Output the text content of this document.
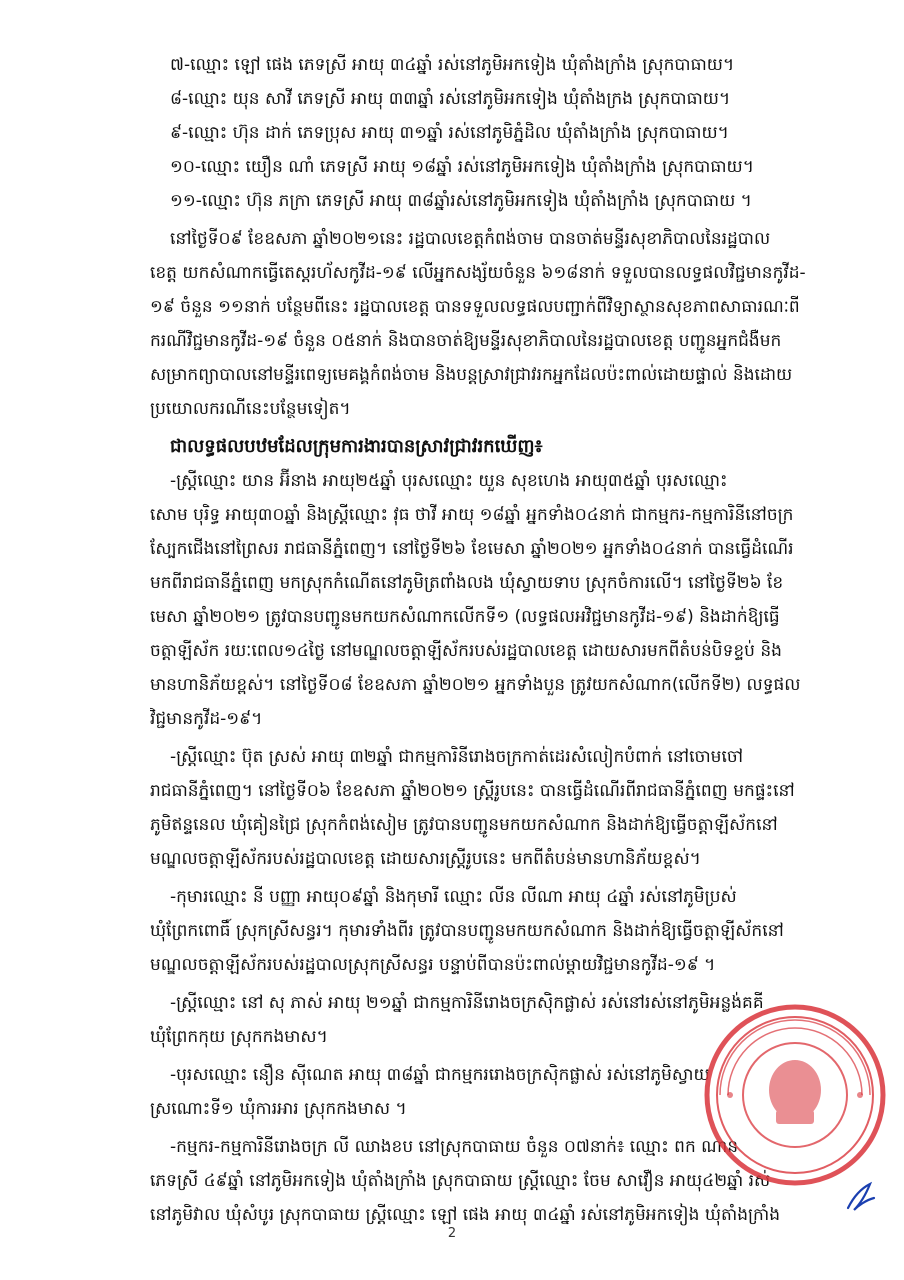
៧-ឈ្មោះ ឡៅ ផេង ភេទស្រី អាយុ ៣៤ឆ្នាំ រស់នៅភូមិអកទៀង ឃុំតាំងក្រាំង ស្រុកបាធាយ។
៨-ឈ្មោះ យុន សាវី ភេទស្រី អាយុ ៣៣ឆ្នាំ រស់នៅភូមិអកទៀង ឃុំតាំងក្រង ស្រុកបាធាយ។
៩-ឈ្មោះ ហ៊ុន ដាក់ ភេទប្រុស អាយុ ៣១ឆ្នាំ រស់នៅភូមិភ្នំដិល ឃុំតាំងក្រាំង ស្រុកបាធាយ។
១០-ឈ្មោះ យឿន ណាំ ភេទស្រី អាយុ ១៨ឆ្នាំ រស់នៅភូមិអកទៀង ឃុំតាំងក្រាំង ស្រុកបាធាយ។
១១-ឈ្មោះ ហ៊ុន ភក្រា ភេទស្រី អាយុ ៣៨ឆ្នាំរស់នៅភូមិអកទៀង ឃុំតាំងក្រាំង ស្រុកបាធាយ ។
នៅថ្ងៃទី០៩ ខែឧសភា ឆ្នាំ២០២១នេះ រដ្ឋបាលខេត្តកំពង់ចាម បានចាត់មន្ទីរសុខាភិបាលនៃរដ្ឋបាល
ខេត្ត យកសំណាកធ្វើតេស្តរហ័សកូវីដ-១៩ លើអ្នកសង្ស័យចំនួន ៦១៨នាក់ ទទួលបានលទ្ធផលវិជ្ជមានកូវីដ-
១៩ ចំនួន ១១នាក់ បន្ថែមពីនេះ រដ្ឋបាលខេត្ត បានទទួលលទ្ធផលបញ្ជាក់ពីវិទ្យាស្ថានសុខភាពសាធារណៈពី
ករណីវិជ្ជមានកូវីដ-១៩ ចំនួន ០៥នាក់ និងបានចាត់ឱ្យមន្ទីរសុខាភិបាលនៃរដ្ឋបាលខេត្ត បញ្ជូនអ្នកជំងឺមក
សម្រាកព្យាបាលនៅមន្ទីរពេទ្យមេគង្គកំពង់ចាម និងបន្តស្រាវជ្រាវរកអ្នកដែលប៉ះពាល់ដោយផ្ទាល់ និងដោយ
ប្រយោលករណីនេះបន្ថែមទៀត។
ជាលទ្ធផលបឋមដែលក្រុមការងារបានស្រាវជ្រាវរកឃើញ៖
-ស្ត្រីឈ្មោះ យាន អ៊ីនាង អាយុ២៥ឆ្នាំ បុរសឈ្មោះ យួន សុខហេង អាយុ៣៥ឆ្នាំ បុរសឈ្មោះ
សោម បុរិទ្ធ អាយុ៣០ឆ្នាំ និងស្ត្រីឈ្មោះ វុធ ថាវី អាយុ ១៨ឆ្នាំ អ្នកទាំង០៤នាក់ ជាកម្មករ-កម្មការិនីនៅចក្រ
ស្បែកជើងនៅព្រៃសរ រាជធានីភ្នំពេញ។ នៅថ្ងៃទី២៦ ខែមេសា ឆ្នាំ២០២១ អ្នកទាំង០៤នាក់ បានធ្វើដំណើរ
មកពីរាជធានីភ្នំពេញ មកស្រុកកំណើតនៅភូមិត្រពាំងលង ឃុំស្វាយទាប ស្រុកចំការលើ។ នៅថ្ងៃទី២៦ ខែ
មេសា ឆ្នាំ២០២១ ត្រូវបានបញ្ជូនមកយកសំណាកលើកទី១ (លទ្ធផលអវិជ្ជមានកូវីដ-១៩) និងដាក់ឱ្យធ្វើ
ចត្តាឡីស័ក រយៈពេល១៤ថ្ងៃ នៅមណ្ឌលចត្តាឡីស័ករបស់រដ្ឋបាលខេត្ត ដោយសារមកពីតំបន់បិទខ្ទប់ និង
មានហានិភ័យខ្ពស់។ នៅថ្ងៃទី០៨ ខែឧសភា ឆ្នាំ២០២១ អ្នកទាំងបួន ត្រូវយកសំណាក(លើកទី២) លទ្ធផល
វិជ្ជមានកូវីដ-១៩។
-ស្ត្រីឈ្មោះ ប៊ុត ស្រស់ អាយុ ៣២ឆ្នាំ ជាកម្មការិនីរោងចក្រកាត់ដេរសំលៀកបំពាក់ នៅចោមចៅ
រាជធានីភ្នំពេញ។ នៅថ្ងៃទី០៦ ខែឧសភា ឆ្នាំ២០២១ ស្ត្រីរូបនេះ បានធ្វើដំណើរពីរាជធានីភ្នំពេញ មកផ្ទះនៅ
ភូមិឥន្ទនេល ឃុំគៀនជ្រៃ ស្រុកកំពង់សៀម ត្រូវបានបញ្ជូនមកយកសំណាក និងដាក់ឱ្យធ្វើចត្តាឡីស័កនៅ
មណ្ឌលចត្តាឡីស័ករបស់រដ្ឋបាលខេត្ត ដោយសារស្ត្រីរូបនេះ មកពីតំបន់មានហានិភ័យខ្ពស់។
-កុមារឈ្មោះ នី បញ្ញា អាយុ០៩ឆ្នាំ និងកុមារី ឈ្មោះ លីន លីណា អាយុ ៤ឆ្នាំ រស់នៅភូមិប្រស់
ឃុំព្រែកពោធិ៍ ស្រុកស្រីសន្ធរ។ កុមារទាំងពីរ ត្រូវបានបញ្ជូនមកយកសំណាក និងដាក់ឱ្យធ្វើចត្តាឡីស័កនៅ
មណ្ឌលចត្តាឡីស័ករបស់រដ្ឋបាលស្រុកស្រីសន្ធរ បន្ទាប់ពីបានប៉ះពាល់ម្តាយវិជ្ជមានកូវីដ-១៩ ។
-ស្ត្រីឈ្មោះ នៅ សុ ភាស់ អាយុ ២១ឆ្នាំ ជាកម្មការិនីរោងចក្រស៊ិកផ្លាស់ រស់នៅរស់នៅភូមិអន្លង់គគី
ឃុំព្រែកកុយ ស្រុកកងមាស។
-បុរសឈ្មោះ នឿន ស៊ីណេត អាយុ ៣៨ឆ្នាំ ជាកម្មកររោងចក្រស៊ិកផ្លាស់ រស់នៅភូមិស្វាយ
ស្រណោះទី១ ឃុំការអារ ស្រុកកងមាស ។
-កម្មករ-កម្មការិនីរោងចក្រ លី ឈាងខប នៅស្រុកបាធាយ ចំនួន ០៧នាក់៖ ឈ្មោះ ពក ណាន
ភេទស្រី ៤៩ឆ្នាំ នៅភូមិអកទៀង ឃុំតាំងក្រាំង ស្រុកបាធាយ ស្ត្រីឈ្មោះ ចែម សាវឿន អាយុ៤២ឆ្នាំ រស់
នៅភូមិវាល ឃុំសំបូរ ស្រុកបាធាយ ស្ត្រីឈ្មោះ ឡៅ ផេង អាយុ ៣៤ឆ្នាំ រស់នៅភូមិអកទៀង ឃុំតាំងក្រាំង
2
